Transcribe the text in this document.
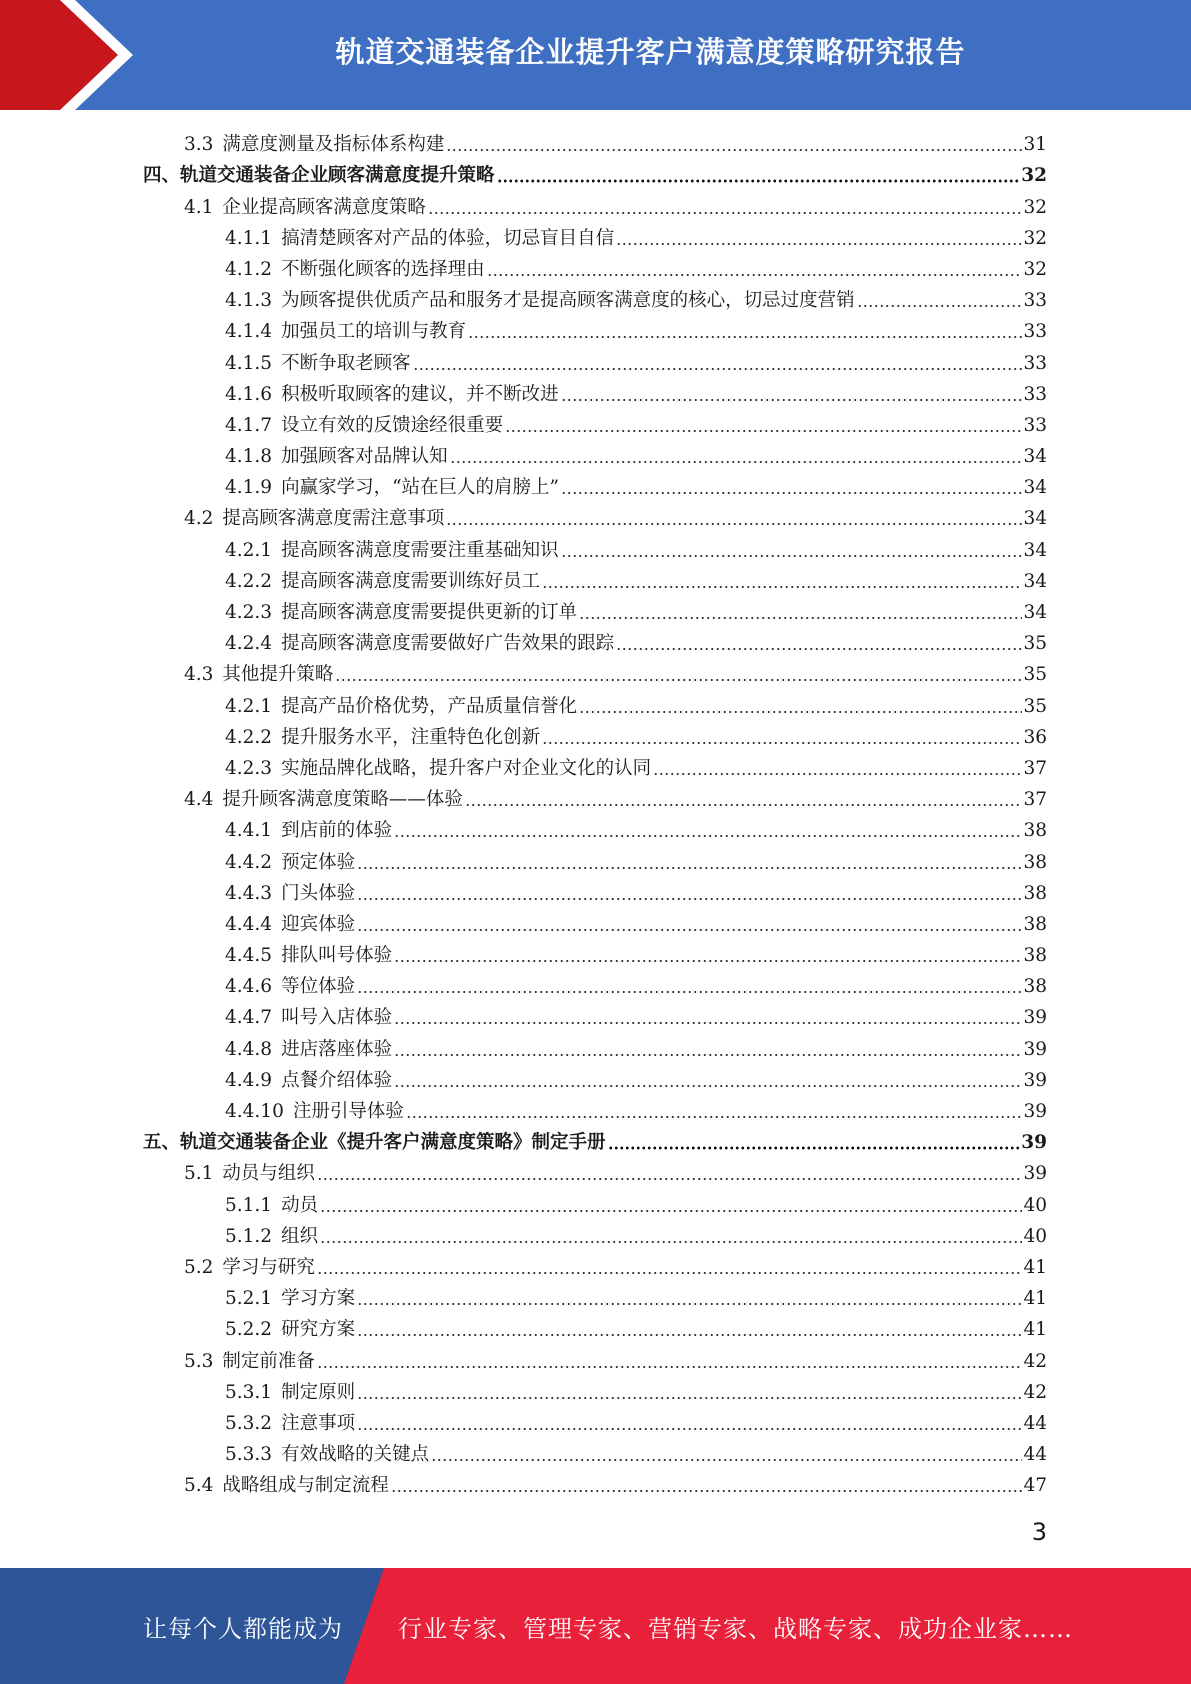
轨道交通装备企业提升客户满意度策略研究报告
3.3 满意度测量及指标体系构建	31
四、轨道交通装备企业顾客满意度提升策略	32
4.1 企业提高顾客满意度策略	32
4.1.1 搞清楚顾客对产品的体验，切忌盲目自信	32
4.1.2 不断强化顾客的选择理由	32
4.1.3 为顾客提供优质产品和服务才是提高顾客满意度的核心，切忌过度营销	33
4.1.4 加强员工的培训与教育	33
4.1.5 不断争取老顾客	33
4.1.6 积极听取顾客的建议，并不断改进	33
4.1.7 设立有效的反馈途经很重要	33
4.1.8 加强顾客对品牌认知	34
4.1.9 向赢家学习，“站在巨人的肩膀上”	34
4.2 提高顾客满意度需注意事项	34
4.2.1 提高顾客满意度需要注重基础知识	34
4.2.2 提高顾客满意度需要训练好员工	34
4.2.3 提高顾客满意度需要提供更新的订单	34
4.2.4 提高顾客满意度需要做好广告效果的跟踪	35
4.3 其他提升策略	35
4.2.1 提高产品价格优势，产品质量信誉化	35
4.2.2 提升服务水平，注重特色化创新	36
4.2.3 实施品牌化战略，提升客户对企业文化的认同	37
4.4 提升顾客满意度策略——体验	37
4.4.1 到店前的体验	38
4.4.2 预定体验	38
4.4.3 门头体验	38
4.4.4 迎宾体验	38
4.4.5 排队叫号体验	38
4.4.6 等位体验	38
4.4.7 叫号入店体验	39
4.4.8 进店落座体验	39
4.4.9 点餐介绍体验	39
4.4.10 注册引导体验	39
五、轨道交通装备企业《提升客户满意度策略》制定手册	39
5.1 动员与组织	39
5.1.1 动员	40
5.1.2 组织	40
5.2 学习与研究	41
5.2.1 学习方案	41
5.2.2 研究方案	41
5.3 制定前准备	42
5.3.1 制定原则	42
5.3.2 注意事项	44
5.3.3 有效战略的关键点	44
5.4 战略组成与制定流程	47
3
让每个人都能成为 行业专家、管理专家、营销专家、战略专家、成功企业家……
